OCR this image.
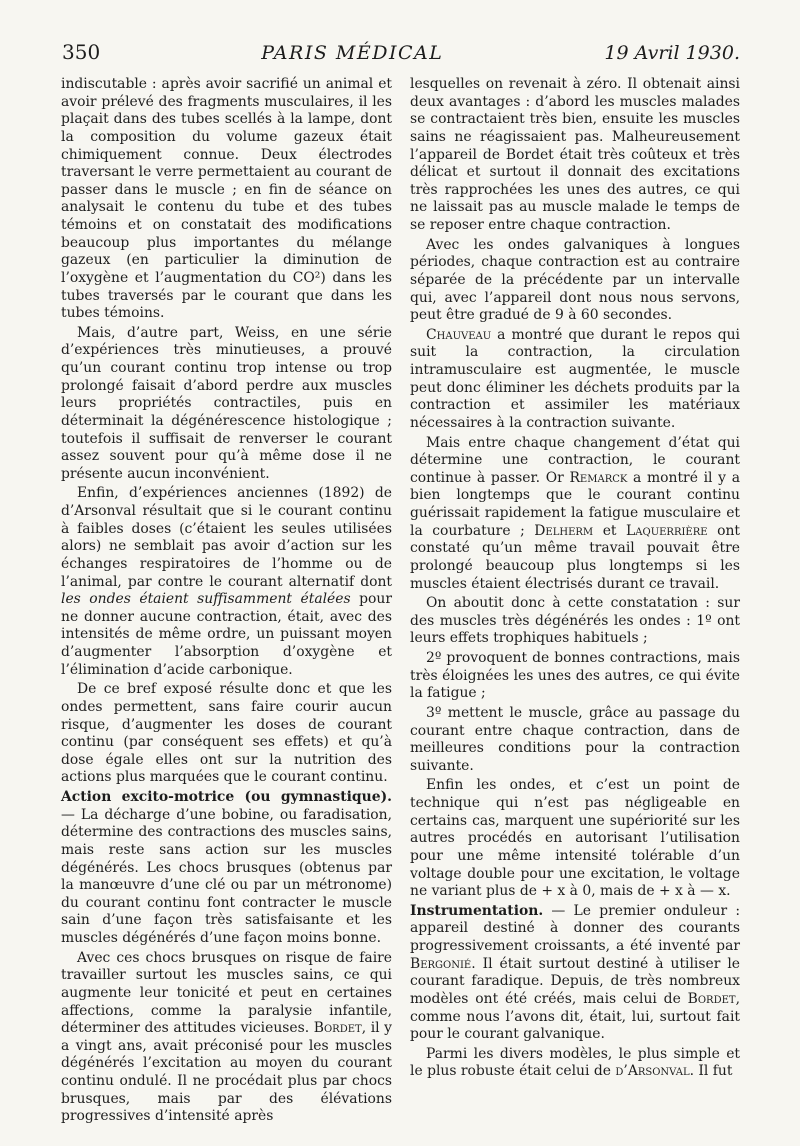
350	PARIS MÉDICAL	19 Avril 1930.

indiscutable : après avoir sacrifié un animal et avoir prélevé des fragments musculaires, il les plaçait dans des tubes scellés à la lampe, dont la composition du volume gazeux était chimiquement connue. Deux électrodes traversant le verre permettaient au courant de passer dans le muscle ; en fin de séance on analysait le contenu du tube et des tubes témoins et on constatait des modifications beaucoup plus importantes du mélange gazeux (en particulier la diminution de l’oxygène et l’augmentation du CO²) dans les tubes traversés par le courant que dans les tubes témoins.

Mais, d’autre part, Weiss, en une série d’expériences très minutieuses, a prouvé qu’un courant continu trop intense ou trop prolongé faisait d’abord perdre aux muscles leurs propriétés contractiles, puis en déterminait la dégénérescence histologique ; toutefois il suffisait de renverser le courant assez souvent pour qu’à même dose il ne présente aucun inconvénient.

Enfin, d’expériences anciennes (1892) de d’Arsonval résultait que si le courant continu à faibles doses (c’étaient les seules utilisées alors) ne semblait pas avoir d’action sur les échanges respiratoires de l’homme ou de l’animal, par contre le courant alternatif dont les ondes étaient suffisamment étalées pour ne donner aucune contraction, était, avec des intensités de même ordre, un puissant moyen d’augmenter l’absorption d’oxygène et l’élimination d’acide carbonique.

De ce bref exposé résulte donc et que les ondes permettent, sans faire courir aucun risque, d’augmenter les doses de courant continu (par conséquent ses effets) et qu’à dose égale elles ont sur la nutrition des actions plus marquées que le courant continu.

Action excito-motrice (ou gymnastique). — La décharge d’une bobine, ou faradisation, détermine des contractions des muscles sains, mais reste sans action sur les muscles dégénérés. Les chocs brusques (obtenus par la manœuvre d’une clé ou par un métronome) du courant continu font contracter le muscle sain d’une façon très satisfaisante et les muscles dégénérés d’une façon moins bonne.

Avec ces chocs brusques on risque de faire travailler surtout les muscles sains, ce qui augmente leur tonicité et peut en certaines affections, comme la paralysie infantile, déterminer des attitudes vicieuses. Bordet, il y a vingt ans, avait préconisé pour les muscles dégénérés l’excitation au moyen du courant continu ondulé. Il ne procédait plus par chocs brusques, mais par des élévations progressives d’intensité après

lesquelles on revenait à zéro. Il obtenait ainsi deux avantages : d’abord les muscles malades se contractaient très bien, ensuite les muscles sains ne réagissaient pas. Malheureusement l’appareil de Bordet était très coûteux et très délicat et surtout il donnait des excitations très rapprochées les unes des autres, ce qui ne laissait pas au muscle malade le temps de se reposer entre chaque contraction.

Avec les ondes galvaniques à longues périodes, chaque contraction est au contraire séparée de la précédente par un intervalle qui, avec l’appareil dont nous nous servons, peut être gradué de 9 à 60 secondes.

Chauveau a montré que durant le repos qui suit la contraction, la circulation intramusculaire est augmentée, le muscle peut donc éliminer les déchets produits par la contraction et assimiler les matériaux nécessaires à la contraction suivante.

Mais entre chaque changement d’état qui détermine une contraction, le courant continue à passer. Or Remarck a montré il y a bien longtemps que le courant continu guérissait rapidement la fatigue musculaire et la courbature ; Delherm et Laquerrière ont constaté qu’un même travail pouvait être prolongé beaucoup plus longtemps si les muscles étaient électrisés durant ce travail.

On aboutit donc à cette constatation : sur des muscles très dégénérés les ondes : 1º ont leurs effets trophiques habituels ;

2º provoquent de bonnes contractions, mais très éloignées les unes des autres, ce qui évite la fatigue ;

3º mettent le muscle, grâce au passage du courant entre chaque contraction, dans de meilleures conditions pour la contraction suivante.

Enfin les ondes, et c’est un point de technique qui n’est pas négligeable en certains cas, marquent une supériorité sur les autres procédés en autorisant l’utilisation pour une même intensité tolérable d’un voltage double pour une excitation, le voltage ne variant plus de + x à 0, mais de + x à — x.

Instrumentation. — Le premier onduleur : appareil destiné à donner des courants progressivement croissants, a été inventé par Bergonié. Il était surtout destiné à utiliser le courant faradique. Depuis, de très nombreux modèles ont été créés, mais celui de Bordet, comme nous l’avons dit, était, lui, surtout fait pour le courant galvanique.

Parmi les divers modèles, le plus simple et le plus robuste était celui de d’Arsonval. Il fut
